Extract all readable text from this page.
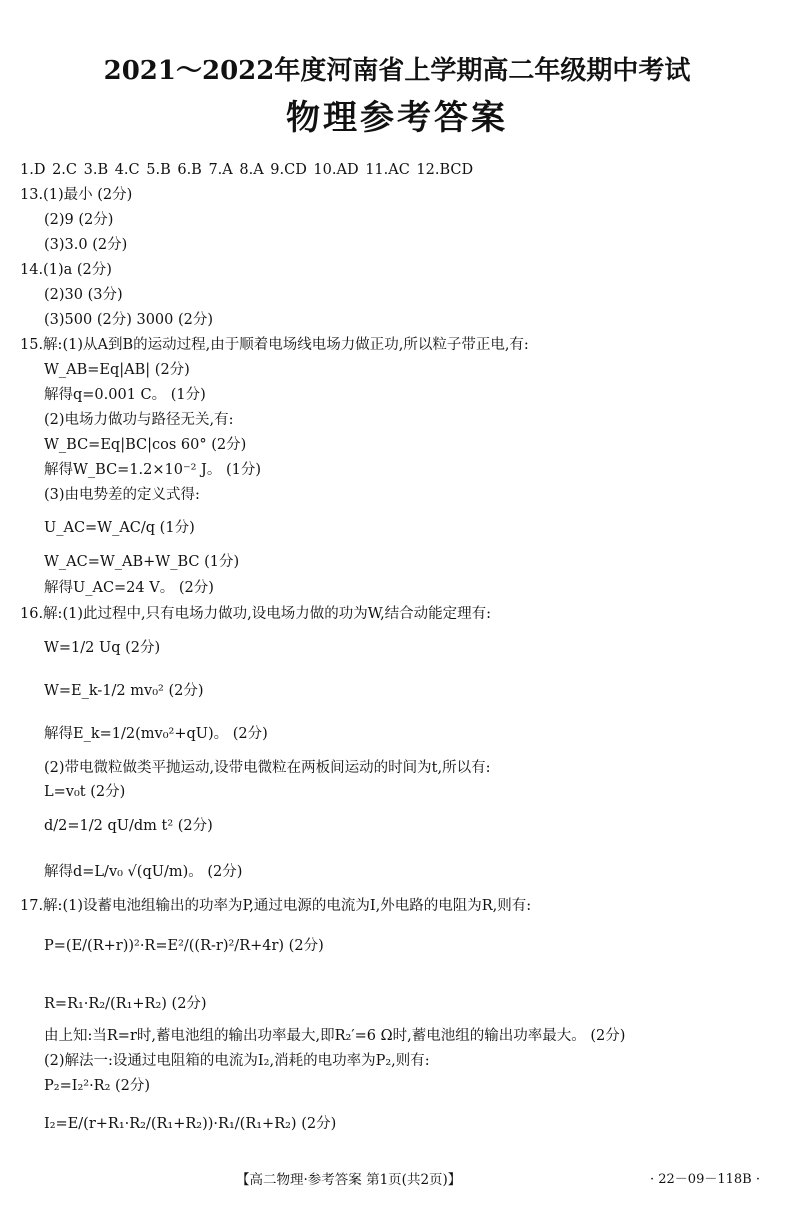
2021～2022年度河南省上学期高二年级期中考试
物理参考答案
1.D 2.C 3.B 4.C 5.B 6.B 7.A 8.A 9.CD 10.AD 11.AC 12.BCD
13.(1)最小 (2分)
(2)9 (2分)
(3)3.0 (2分)
14.(1)a (2分)
(2)30 (3分)
(3)500 (2分) 3000 (2分)
15.解:(1)从A到B的运动过程,由于顺着电场线电场力做正功,所以粒子带正电,有:
W_AB=Eq|AB| (2分)
解得q=0.001 C。 (1分)
(2)电场力做功与路径无关,有:
W_BC=Eq|BC|cos 60° (2分)
解得W_BC=1.2×10⁻² J。 (1分)
(3)由电势差的定义式得:
U_AC=W_AC/q (1分)
W_AC=W_AB+W_BC (1分)
解得U_AC=24 V。 (2分)
16.解:(1)此过程中,只有电场力做功,设电场力做的功为W,结合动能定理有:
W=1/2 Uq (2分)
W=E_k-1/2 mv₀² (2分)
解得E_k=1/2(mv₀²+qU)。 (2分)
(2)带电微粒做类平抛运动,设带电微粒在两板间运动的时间为t,所以有:
L=v₀t (2分)
d/2=1/2 qU/dm t² (2分)
解得d=L/v₀ √(qU/m)。 (2分)
17.解:(1)设蓄电池组输出的功率为P,通过电源的电流为I,外电路的电阻为R,则有:
P=(E/(R+r))²·R=E²/((R-r)²/R+4r) (2分)
R=R₁·R₂/(R₁+R₂) (2分)
由上知:当R=r时,蓄电池组的输出功率最大,即R₂′=6 Ω时,蓄电池组的输出功率最大。 (2分)
(2)解法一:设通过电阻箱的电流为I₂,消耗的电功率为P₂,则有:
P₂=I₂²·R₂ (2分)
I₂=E/(r+R₁·R₂/(R₁+R₂))·R₁/(R₁+R₂) (2分)
【高二物理·参考答案 第1页(共2页)】	· 22－09－118B ·
